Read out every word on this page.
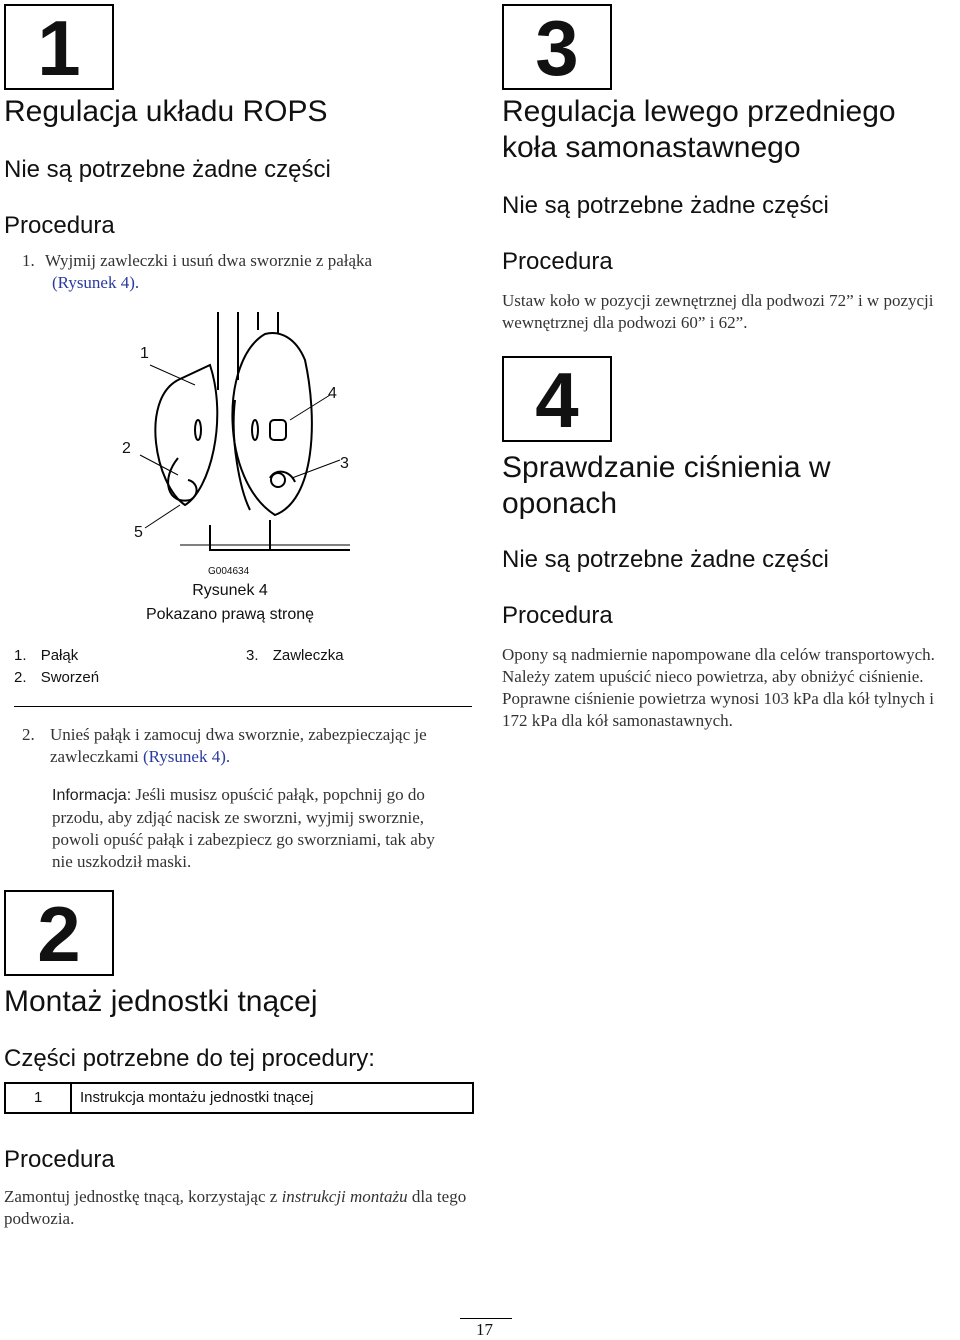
1
Regulacja układu ROPS
Nie są potrzebne żadne części
Procedura
1. Wyjmij zawleczki i usuń dwa sworznie z pałąka
(Rysunek 4).
1
2
3
4
5
G004634
Rysunek 4
Pokazano prawą stronę
1. Pałąk
2. Sworzeń
3. Zawleczka
2. Unieś pałąk i zamocuj dwa sworznie, zabezpieczając je zawleczkami (Rysunek 4).
Informacja: Jeśli musisz opuścić pałąk, popchnij go do przodu, aby zdjąć nacisk ze sworzni, wyjmij sworznie, powoli opuść pałąk i zabezpiecz go sworzniami, tak aby nie uszkodził maski.
2
Montaż jednostki tnącej
Części potrzebne do tej procedury:
1	Instrukcja montażu jednostki tnącej
Procedura
Zamontuj jednostkę tnącą, korzystając z instrukcji montażu dla tego podwozia.
3
Regulacja lewego przedniego koła samonastawnego
Nie są potrzebne żadne części
Procedura
Ustaw koło w pozycji zewnętrznej dla podwozi 72” i w pozycji wewnętrznej dla podwozi 60” i 62”.
4
Sprawdzanie ciśnienia w oponach
Nie są potrzebne żadne części
Procedura
Opony są nadmiernie napompowane dla celów transportowych. Należy zatem upuścić nieco powietrza, aby obniżyć ciśnienie. Poprawne ciśnienie powietrza wynosi 103 kPa dla kół tylnych i 172 kPa dla kół samonastawnych.
17
